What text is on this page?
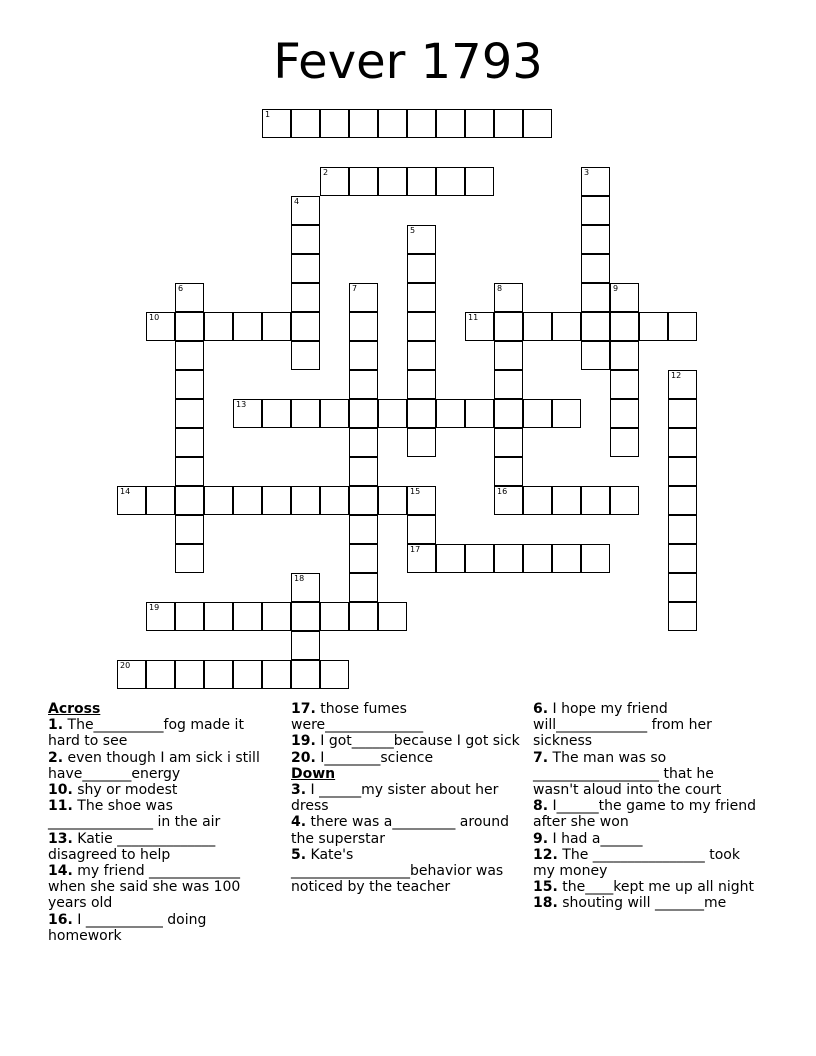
Fever 1793
1
2	3
4
5
6	7	8	9
10	11
12
13
14	15
17
16
18
19
20
Across
1. The__________fog made it hard to see
2. even though I am sick i still have_______energy
10. shy or modest
11. The shoe was _______________ in the air
13. Katie ______________ disagreed to help
14. my friend _____________ when she said she was 100 years old
16. I ___________ doing homework
17. those fumes were______________
19. I got______because I got sick
20. I________science
Down
3. I ______my sister about her dress
4. there was a_________ around the superstar
5. Kate's _________________behavior was noticed by the teacher
6. I hope my friend will_____________ from her sickness
7. The man was so __________________ that he wasn't aloud into the court
8. I______the game to my friend after she won
9. I had a______
12. The ________________ took my money
15. the____kept me up all night
18. shouting will _______me
